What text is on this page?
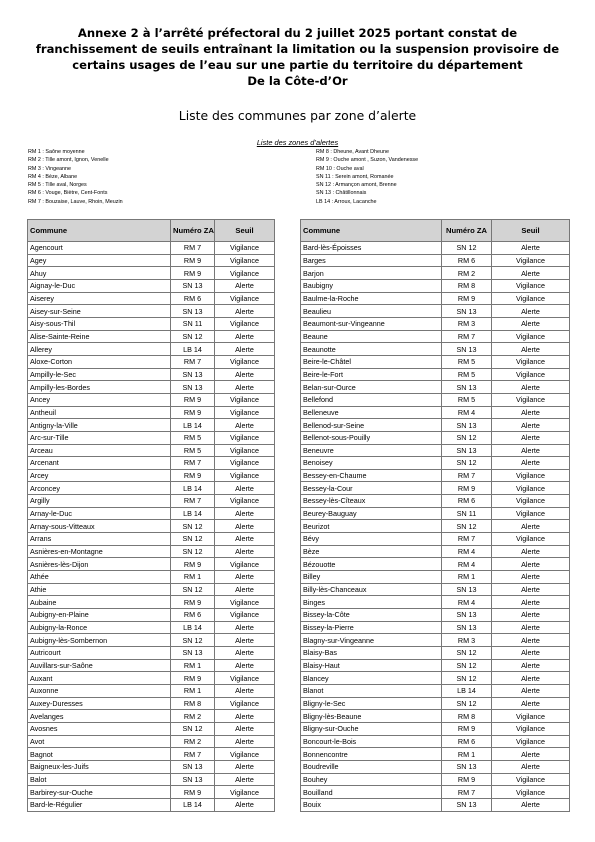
Annexe 2 à l’arrêté préfectoral du 2 juillet 2025 portant constat de
franchissement de seuils entraînant la limitation ou la suspension provisoire de
certains usages de l’eau sur une partie du territoire du département
De la Côte-d’Or
Liste des communes par zone d’alerte
Liste des zones d’alertes
RM 1 : Saône moyenne
RM 2 : Tille amont, Ignon, Venelle
RM 3 : Vingeanne
RM 4 : Bèze, Albane
RM 5 : Tille aval, Norges
RM 6 : Vouge, Biètre, Cent-Fonts
RM 7 : Bouzaise, Lauve, Rhoin, Meuzin
RM 8 : Dheune, Avant Dheune
RM 9 : Ouche amont , Suzon, Vandenesse
RM 10 : Ouche aval
SN 11 : Serein amont, Romanée
SN 12 : Armançon amont, Brenne
SN 13 : Châtillonnais
LB 14 : Arroux, Lacanche
Commune	Numéro ZA	Seuil
Agencourt	RM 7	Vigilance
Agey	RM 9	Vigilance
Ahuy	RM 9	Vigilance
Aignay-le-Duc	SN 13	Alerte
Aiserey	RM 6	Vigilance
Aisey-sur-Seine	SN 13	Alerte
Aisy-sous-Thil	SN 11	Vigilance
Alise-Sainte-Reine	SN 12	Alerte
Allerey	LB 14	Alerte
Aloxe-Corton	RM 7	Vigilance
Ampilly-le-Sec	SN 13	Alerte
Ampilly-les-Bordes	SN 13	Alerte
Ancey	RM 9	Vigilance
Antheuil	RM 9	Vigilance
Antigny-la-Ville	LB 14	Alerte
Arc-sur-Tille	RM 5	Vigilance
Arceau	RM 5	Vigilance
Arcenant	RM 7	Vigilance
Arcey	RM 9	Vigilance
Arconcey	LB 14	Alerte
Argilly	RM 7	Vigilance
Arnay-le-Duc	LB 14	Alerte
Arnay-sous-Vitteaux	SN 12	Alerte
Arrans	SN 12	Alerte
Asnières-en-Montagne	SN 12	Alerte
Asnières-lès-Dijon	RM 9	Vigilance
Athée	RM 1	Alerte
Athie	SN 12	Alerte
Aubaine	RM 9	Vigilance
Aubigny-en-Plaine	RM 6	Vigilance
Aubigny-la-Ronce	LB 14	Alerte
Aubigny-lès-Sombernon	SN 12	Alerte
Autricourt	SN 13	Alerte
Auvillars-sur-Saône	RM 1	Alerte
Auxant	RM 9	Vigilance
Auxonne	RM 1	Alerte
Auxey-Duresses	RM 8	Vigilance
Avelanges	RM 2	Alerte
Avosnes	SN 12	Alerte
Avot	RM 2	Alerte
Bagnot	RM 7	Vigilance
Baigneux-les-Juifs	SN 13	Alerte
Balot	SN 13	Alerte
Barbirey-sur-Ouche	RM 9	Vigilance
Bard-le-Régulier	LB 14	Alerte
Commune	Numéro ZA	Seuil
Bard-lès-Époisses	SN 12	Alerte
Barges	RM 6	Vigilance
Barjon	RM 2	Alerte
Baubigny	RM 8	Vigilance
Baulme-la-Roche	RM 9	Vigilance
Beaulieu	SN 13	Alerte
Beaumont-sur-Vingeanne	RM 3	Alerte
Beaune	RM 7	Vigilance
Beaunotte	SN 13	Alerte
Beire-le-Châtel	RM 5	Vigilance
Beire-le-Fort	RM 5	Vigilance
Belan-sur-Ource	SN 13	Alerte
Bellefond	RM 5	Vigilance
Belleneuve	RM 4	Alerte
Bellenod-sur-Seine	SN 13	Alerte
Bellenot-sous-Pouilly	SN 12	Alerte
Beneuvre	SN 13	Alerte
Benoisey	SN 12	Alerte
Bessey-en-Chaume	RM 7	Vigilance
Bessey-la-Cour	RM 9	Vigilance
Bessey-lès-Cîteaux	RM 6	Vigilance
Beurey-Bauguay	SN 11	Vigilance
Beurizot	SN 12	Alerte
Bévy	RM 7	Vigilance
Bèze	RM 4	Alerte
Bézouotte	RM 4	Alerte
Billey	RM 1	Alerte
Billy-lès-Chanceaux	SN 13	Alerte
Binges	RM 4	Alerte
Bissey-la-Côte	SN 13	Alerte
Bissey-la-Pierre	SN 13	Alerte
Blagny-sur-Vingeanne	RM 3	Alerte
Blaisy-Bas	SN 12	Alerte
Blaisy-Haut	SN 12	Alerte
Blancey	SN 12	Alerte
Blanot	LB 14	Alerte
Bligny-le-Sec	SN 12	Alerte
Bligny-lès-Beaune	RM 8	Vigilance
Bligny-sur-Ouche	RM 9	Vigilance
Boncourt-le-Bois	RM 6	Vigilance
Bonnencontre	RM 1	Alerte
Boudreville	SN 13	Alerte
Bouhey	RM 9	Vigilance
Bouilland	RM 7	Vigilance
Bouix	SN 13	Alerte
